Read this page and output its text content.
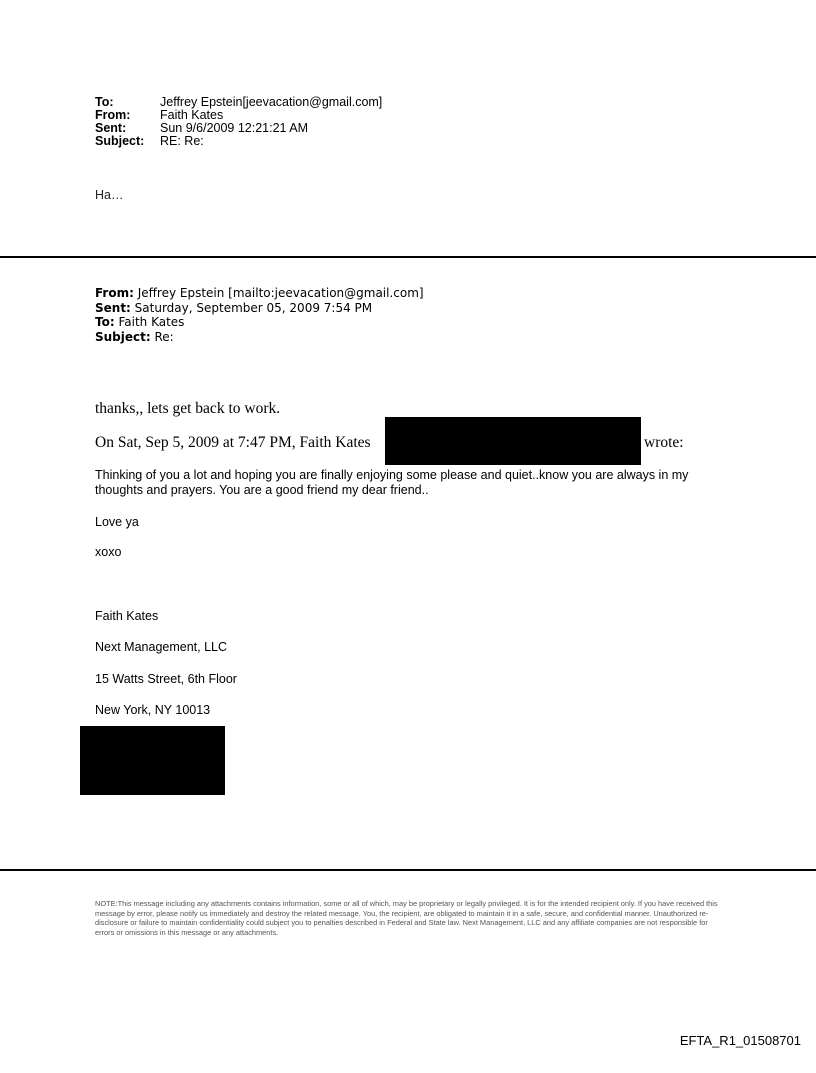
To:	Jeffrey Epstein[jeevacation@gmail.com]
From:	Faith Kates
Sent:	Sun 9/6/2009 12:21:21 AM
Subject:	RE: Re:
Ha…
From: Jeffrey Epstein [mailto:jeevacation@gmail.com]
Sent: Saturday, September 05, 2009 7:54 PM
To: Faith Kates
Subject: Re:
thanks,, lets get back to work.
On Sat, Sep 5, 2009 at 7:47 PM, Faith Kates	wrote:
Thinking of you a lot and hoping you are finally enjoying some please and quiet..know you are always in my thoughts and prayers. You are a good friend my dear friend..
Love ya
xoxo
Faith Kates
Next Management, LLC
15 Watts Street, 6th Floor
New York, NY 10013
NOTE:This message including any attachments contains information, some or all of which, may be proprietary or legally privileged. It is for the intended recipient only. If you have received this message by error, please notify us immediately and destroy the related message. You, the recipient, are obligated to maintain it in a safe, secure, and confidential manner. Unauthorized re-disclosure or failure to maintain confidentiality could subject you to penalties described in Federal and State law. Next Management, LLC and any affiliate companies are not responsible for errors or omissions in this message or any attachments.
EFTA_R1_01508701
